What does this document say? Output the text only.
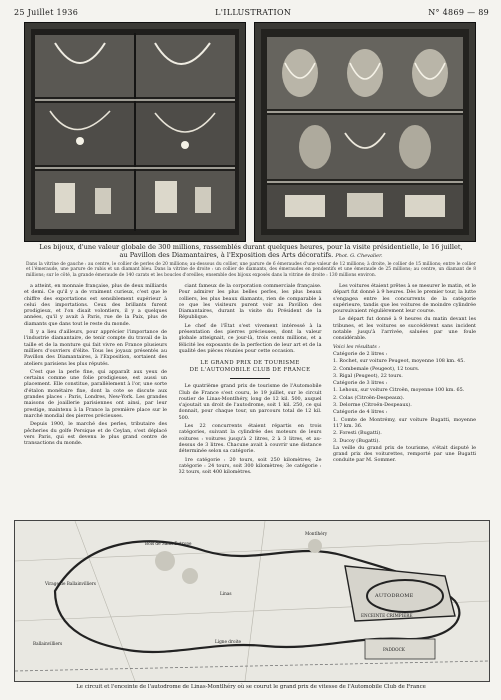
25 Juillet 1936	L'ILLUSTRATION	N° 4869 — 89
Les bijoux, d'une valeur globale de 300 millions, rassemblés durant quelques heures, pour la visite présidentielle, le 16 juillet,
au Pavillon des Diamantaires, à l'Exposition des Arts décoratifs. Phot. G. Chevalier.
Dans la vitrine de gauche : au centre, le collier de perles de 20 millions; au-dessous du collier, une parure de 6 émeraudes d'une valeur de 12 millions; à droite, le collier de 15 millions; entre le collier et l'émeraude, une parure de rubis et un diamant bleu. Dans la vitrine de droite : un collier de diamants, des émeraudes en pendentifs et une émeraude de 25 millions; au centre, un diamant de 8 millions; sur le côté, la grande émeraude de 140 carats et les boucles d'oreilles; ensemble des bijoux exposés dans la vitrine de droite : 130 millions environ.

a atteint, en monnaie française, plus de deux milliards et demi. Ce qu'il y a de vraiment curieux, c'est que le chiffre des exportations est sensiblement supérieur à celui des importations. Ceux des brillants furent prodigieux, et l'on disait volontiers, il y a quelques années, qu'il y avait à Paris, rue de la Paix, plus de diamants que dans tout le reste du monde.

Il y a lieu d'ailleurs, pour apprécier l'importance de l'industrie diamantaire, de tenir compte du travail de la taille et de la monture qui fait vivre en France plusieurs milliers d'ouvriers d'élite. Tous les joyaux présentés au Pavillon des Diamantaires, à l'Exposition, sortaient des ateliers parisiens les plus réputés.

C'est que la perle fine, qui apparaît aux yeux de certains comme une folie prodigieuse, est aussi un placement. Elle constitue, parallèlement à l'or, une sorte d'étalon monétaire fixe, dont la cote se discute aux grandes places : Paris, Londres, New-York. Les grandes maisons de joaillerie parisiennes ont ainsi, par leur prestige, maintenu à la France la première place sur le marché mondial des pierres précieuses.

Depuis 1900, le marché des perles, tributaire des pêcheries du golfe Persique et de Ceylan, s'est déplacé vers Paris, qui est devenu le plus grand centre de transactions du monde.

ciant fameux de la corporation commerciale française. Pour admirer les plus belles perles, les plus beaux colliers, les plus beaux diamants, rien de comparable à ce que les visiteurs purent voir au Pavillon des Diamantaires, durant la visite du Président de la République.

Le chef de l'État s'est vivement intéressé à la présentation des pierres précieuses, dont la valeur globale atteignait, ce jour-là, trois cents millions, et a félicité les exposants de la perfection de leur art et de la qualité des pièces réunies pour cette occasion.

LE GRAND PRIX DE TOURISME
DE L'AUTOMOBILE CLUB DE FRANCE

Le quatrième grand prix de tourisme de l'Automobile Club de France s'est couru, le 19 juillet, sur le circuit routier de Linas-Montlhéry, long de 12 kil. 500, auquel s'ajoutait un droit de l'autodrome, soit 1 kil. 250, ce qui donnait, pour chaque tour, un parcours total de 12 kil. 500.

Les 22 concurrents étaient répartis en trois catégories, suivant la cylindrée des moteurs de leurs voitures : voitures jusqu'à 2 litres, 2 à 3 litres, et au-dessus de 3 litres. Chacune avait à couvrir une distance déterminée selon sa catégorie.

1re catégorie : 20 tours, soit 250 kilomètres; 2e catégorie : 24 tours, soit 300 kilomètres; 3e catégorie : 32 tours, soit 400 kilomètres.

Les voitures étaient prêtes à se mesurer le matin, et le départ fut donné à 9 heures. Dès le premier tour, la lutte s'engagea entre les concurrents de la catégorie supérieure, tandis que les voitures de moindre cylindrée poursuivaient régulièrement leur course.

Le départ fut donné à 9 heures du matin devant les tribunes, et les voitures se succédèrent sans incident notable jusqu'à l'arrivée, saluées par une foule considérable.

Voici les résultats :

Catégorie de 2 litres :

1. Rochet, sur voiture Peugeot, moyenne 108 km. 45.

2. Combemale (Peugeot), 12 tours.

3. Rigal (Peugeot), 22 tours.

Catégorie de 3 litres :

1. Lehoux, sur voiture Citroën, moyenne 100 km. 65.

2. Colas (Citroën-Despeaux).

3. Delorme (Citroën-Despeaux).

Catégorie de 4 litres :

1. Comte de Montrémy, sur voiture Bugatti, moyenne 117 km. 36.

2. Foresti (Bugatti).

3. Ducoy (Bugatti).

La veille du grand prix de tourisme, s'était disputé le grand prix des voiturettes, remporté par une Bugatti conduite par M. Sommer.

AUTODROME
ENCEINTE CRIMPIERE
PADDOCK
Bois de Saint-Eutrope
Montlhéry
Linas
Ballainvilliers
Virage de Ballainvilliers
Ligne droite
Le circuit et l'enceinte de l'autodrome de Linas-Montlhéry où se courut le grand prix de vitesse de l'Automobile Club de France
